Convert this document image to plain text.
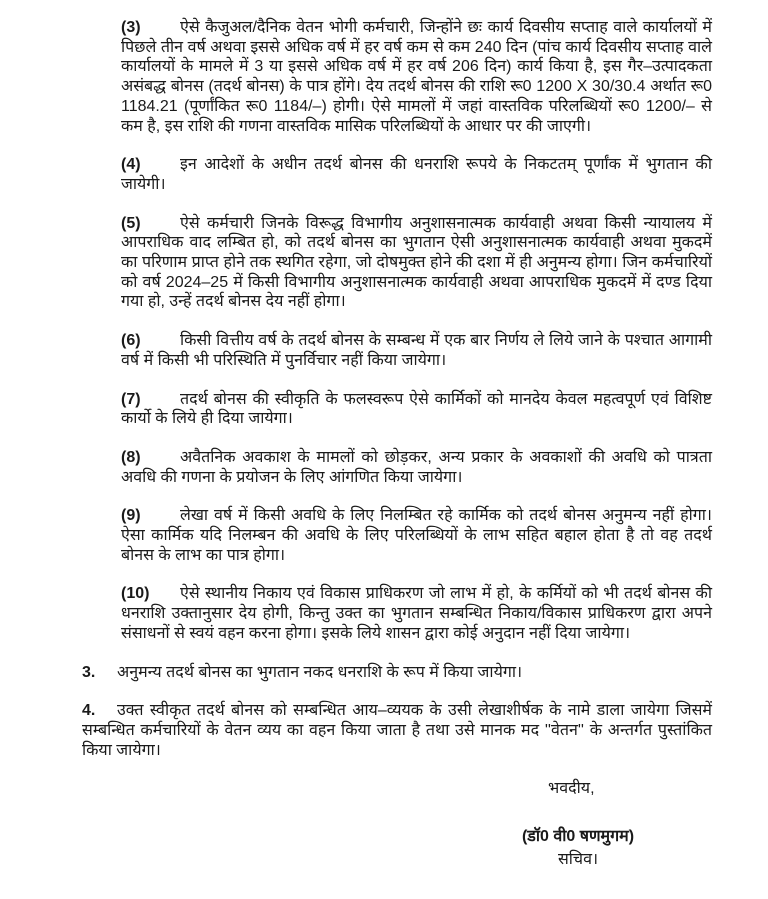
(3) ऐसे कैजुअल/दैनिक वेतन भोगी कर्मचारी, जिन्होंने छः कार्य दिवसीय सप्ताह वाले कार्यालयों में पिछले तीन वर्ष अथवा इससे अधिक वर्ष में हर वर्ष कम से कम 240 दिन (पांच कार्य दिवसीय सप्ताह वाले कार्यालयों के मामले में 3 या इससे अधिक वर्ष में हर वर्ष 206 दिन) कार्य किया है, इस गैर–उत्पादकता असंबद्ध बोनस (तदर्थ बोनस) के पात्र होंगे। देय तदर्थ बोनस की राशि रू0 1200 X 30/30.4 अर्थात रू0 1184.21 (पूर्णांकित रू0 1184/–) होगी। ऐसे मामलों में जहां वास्तविक परिलब्धियों रू0 1200/– से कम है, इस राशि की गणना वास्तविक मासिक परिलब्धियों के आधार पर की जाएगी।

(4) इन आदेशों के अधीन तदर्थ बोनस की धनराशि रूपये के निकटतम् पूर्णांक में भुगतान की जायेगी।

(5) ऐसे कर्मचारी जिनके विरूद्ध विभागीय अनुशासनात्मक कार्यवाही अथवा किसी न्यायालय में आपराधिक वाद लम्बित हो, को तदर्थ बोनस का भुगतान ऐसी अनुशासनात्मक कार्यवाही अथवा मुकदमें का परिणाम प्राप्त होने तक स्थगित रहेगा, जो दोषमुक्त होने की दशा में ही अनुमन्य होगा। जिन कर्मचारियों को वर्ष 2024–25 में किसी विभागीय अनुशासनात्मक कार्यवाही अथवा आपराधिक मुकदमें में दण्ड दिया गया हो, उन्हें तदर्थ बोनस देय नहीं होगा।

(6) किसी वित्तीय वर्ष के तदर्थ बोनस के सम्बन्ध में एक बार निर्णय ले लिये जाने के पश्चात आगामी वर्ष में किसी भी परिस्थिति में पुनर्विचार नहीं किया जायेगा।

(7) तदर्थ बोनस की स्वीकृति के फलस्वरूप ऐसे कार्मिकों को मानदेय केवल महत्वपूर्ण एवं विशिष्ट कार्यो के लिये ही दिया जायेगा।

(8) अवैतनिक अवकाश के मामलों को छोड़कर, अन्य प्रकार के अवकाशों की अवधि को पात्रता अवधि की गणना के प्रयोजन के लिए आंगणित किया जायेगा।

(9) लेखा वर्ष में किसी अवधि के लिए निलम्बित रहे कार्मिक को तदर्थ बोनस अनुमन्य नहीं होगा। ऐसा कार्मिक यदि निलम्बन की अवधि के लिए परिलब्धियों के लाभ सहित बहाल होता है तो वह तदर्थ बोनस के लाभ का पात्र होगा।

(10) ऐसे स्थानीय निकाय एवं विकास प्राधिकरण जो लाभ में हो, के कर्मियों को भी तदर्थ बोनस की धनराशि उक्तानुसार देय होगी, किन्तु उक्त का भुगतान सम्बन्धित निकाय/विकास प्राधिकरण द्वारा अपने संसाधनों से स्वयं वहन करना होगा। इसके लिये शासन द्वारा कोई अनुदान नहीं दिया जायेगा।

3. अनुमन्य तदर्थ बोनस का भुगतान नकद धनराशि के रूप में किया जायेगा।

4. उक्त स्वीकृत तदर्थ बोनस को सम्बन्धित आय–व्ययक के उसी लेखाशीर्षक के नामे डाला जायेगा जिसमें सम्बन्धित कर्मचारियों के वेतन व्यय का वहन किया जाता है तथा उसे मानक मद ''वेतन'' के अन्तर्गत पुस्तांकित किया जायेगा।

भवदीय,

(डॉ0 वी0 षणमुगम)

सचिव।
